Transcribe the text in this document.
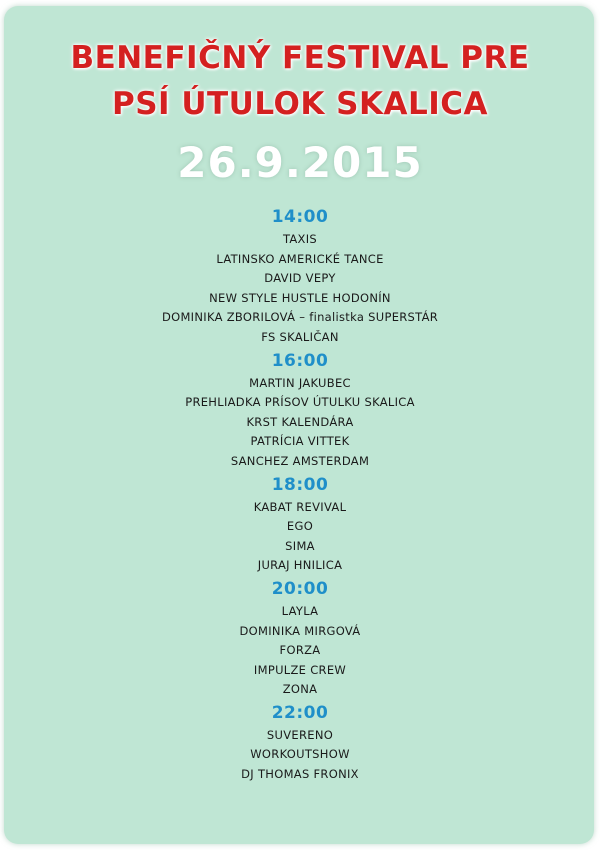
BENEFIČNÝ FESTIVAL PRE
PSÍ ÚTULOK SKALICA
26.9.2015
14:00
TAXIS
LATINSKO AMERICKÉ TANCE
DAVID VEPY
NEW STYLE HUSTLE HODONÍN
DOMINIKA ZBORILOVÁ – finalistka SUPERSTÁR
FS SKALIČAN
16:00
MARTIN JAKUBEC
PREHLIADKA PRÍSOV ÚTULKU SKALICA
KRST KALENDÁRA
PATRÍCIA VITTEK
SANCHEZ AMSTERDAM
18:00
KABAT REVIVAL
EGO
SIMA
JURAJ HNILICA
20:00
LAYLA
DOMINIKA MIRGOVÁ
FORZA
IMPULZE CREW
ZONA
22:00
SUVERENO
WORKOUTSHOW
DJ THOMAS FRONIX
